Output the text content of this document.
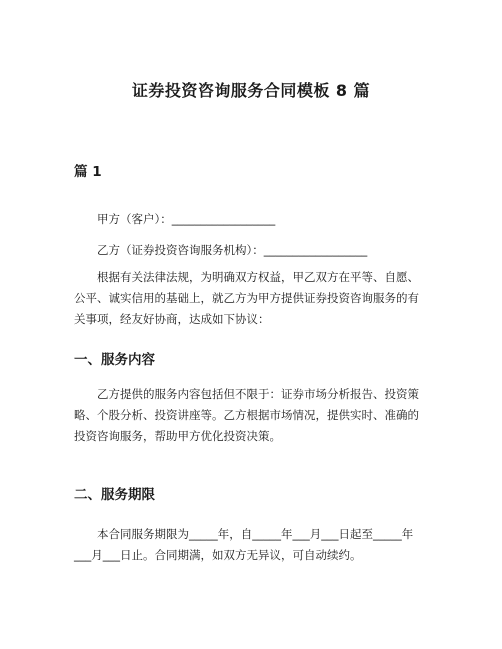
证券投资咨询服务合同模板 8 篇
篇 1
甲方（客户）：__________________
乙方（证券投资咨询服务机构）：__________________

根据有关法律法规，为明确双方权益，甲乙双方在平等、自愿、公平、诚实信用的基础上，就乙方为甲方提供证券投资咨询服务的有关事项，经友好协商，达成如下协议：

一、服务内容

乙方提供的服务内容包括但不限于：证券市场分析报告、投资策略、个股分析、投资讲座等。乙方根据市场情况，提供实时、准确的投资咨询服务，帮助甲方优化投资决策。

二、服务期限

本合同服务期限为_____年，自_____年___月___日起至_____年___月___日止。合同期满，如双方无异议，可自动续约。
